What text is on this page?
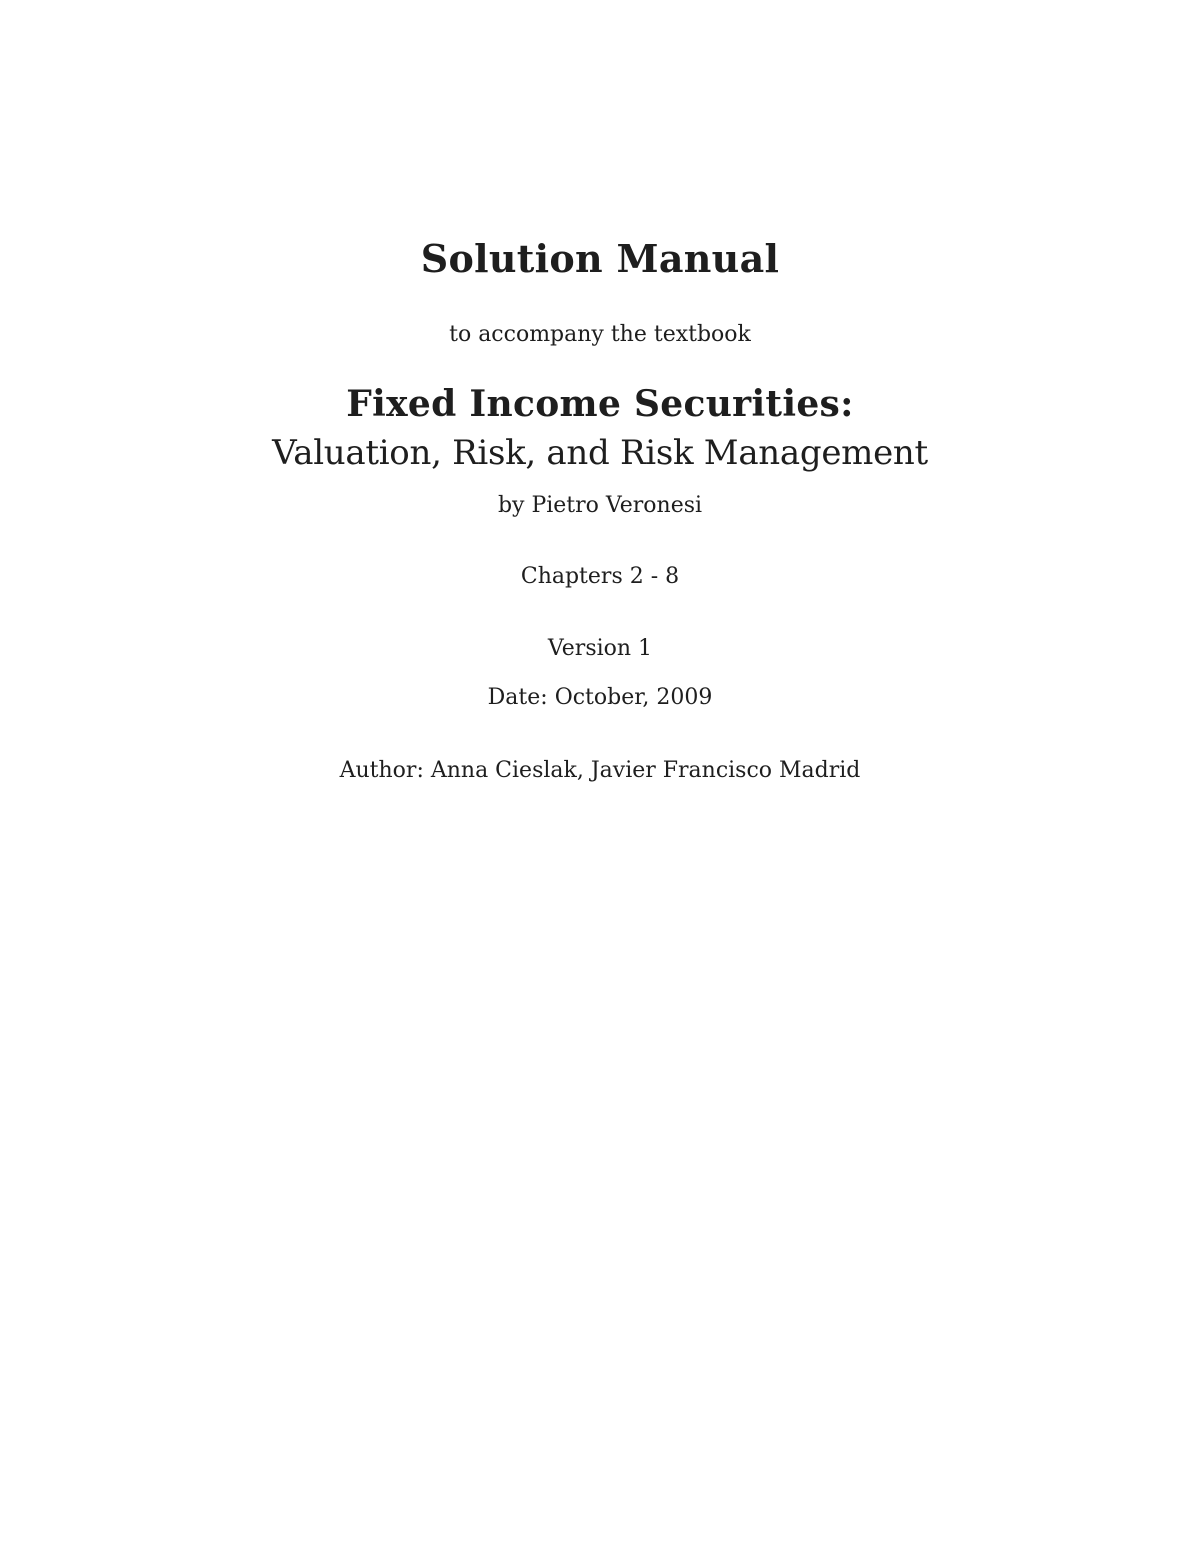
Solution Manual
to accompany the textbook
Fixed Income Securities:
Valuation, Risk, and Risk Management
by Pietro Veronesi
Chapters 2 - 8
Version 1
Date: October, 2009
Author: Anna Cieslak, Javier Francisco Madrid
